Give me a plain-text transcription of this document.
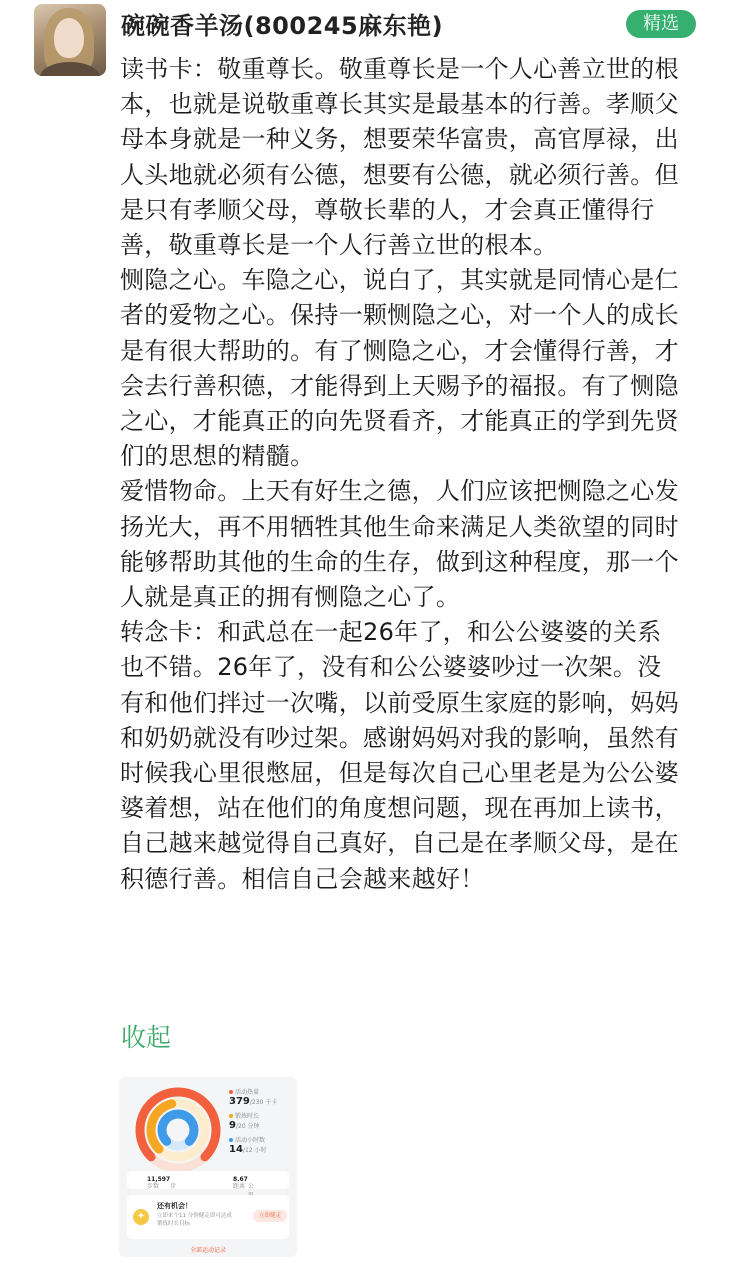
碗碗香羊汤(800245麻东艳)	精选

读书卡：敬重尊长。敬重尊长是一个人心善立世的根本，也就是说敬重尊长其实是最基本的行善。孝顺父母本身就是一种义务，想要荣华富贵，高官厚禄，出人头地就必须有公德，想要有公德，就必须行善。但是只有孝顺父母，尊敬长辈的人，才会真正懂得行善，敬重尊长是一个人行善立世的根本。

恻隐之心。车隐之心，说白了，其实就是同情心是仁者的爱物之心。保持一颗恻隐之心，对一个人的成长是有很大帮助的。有了恻隐之心，才会懂得行善，才会去行善积德，才能得到上天赐予的福报。有了恻隐之心，才能真正的向先贤看齐，才能真正的学到先贤们的思想的精髓。

爱惜物命。上天有好生之德，人们应该把恻隐之心发扬光大，再不用牺牲其他生命来满足人类欲望的同时能够帮助其他的生命的生存，做到这种程度，那一个人就是真正的拥有恻隐之心了。

转念卡：和武总在一起26年了，和公公婆婆的关系也不错。26年了，没有和公公婆婆吵过一次架。没有和他们拌过一次嘴，以前受原生家庭的影响，妈妈和奶奶就没有吵过架。感谢妈妈对我的影响，虽然有时候我心里很憋屈，但是每次自己心里老是为公公婆婆着想，站在他们的角度想问题，现在再加上读书，自己越来越觉得自己真好，自己是在孝顺父母，是在积德行善。相信自己会越来越好！

收起
活动热量
379/230 千卡
锻炼时长
9/20 分钟
活动小时数
14/12 小时
步数
11,597
步	距离
8.67
公
✦
还有机会！
立即来个11 分钟健走即可达成锻炼时长目标
立即健走
全部运动记录
